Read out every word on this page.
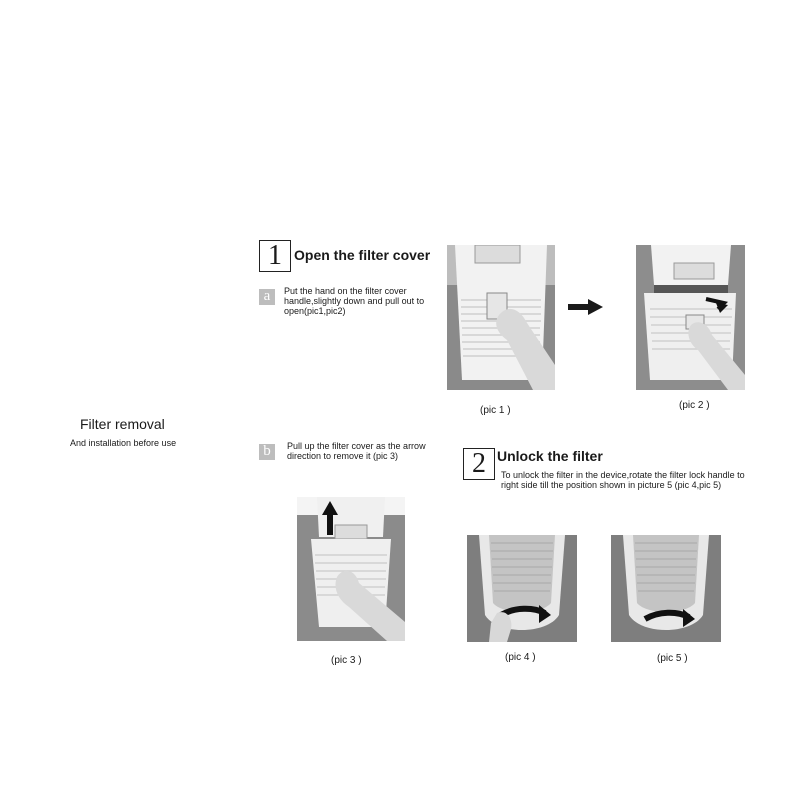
Filter removal
And installation before use
1 Open the filter cover
a	Put the hand on the filter cover handle,slightly down and pull out to open(pic1,pic2)
(pic 1 )	(pic 2 )
b	Pull up the filter cover as the arrow direction to remove it (pic 3)
(pic 3 )
2 Unlock the filter
To unlock the filter in the device,rotate the filter lock handle to right side till the position shown in picture 5 (pic 4,pic 5)
(pic 4 )	(pic 5 )
